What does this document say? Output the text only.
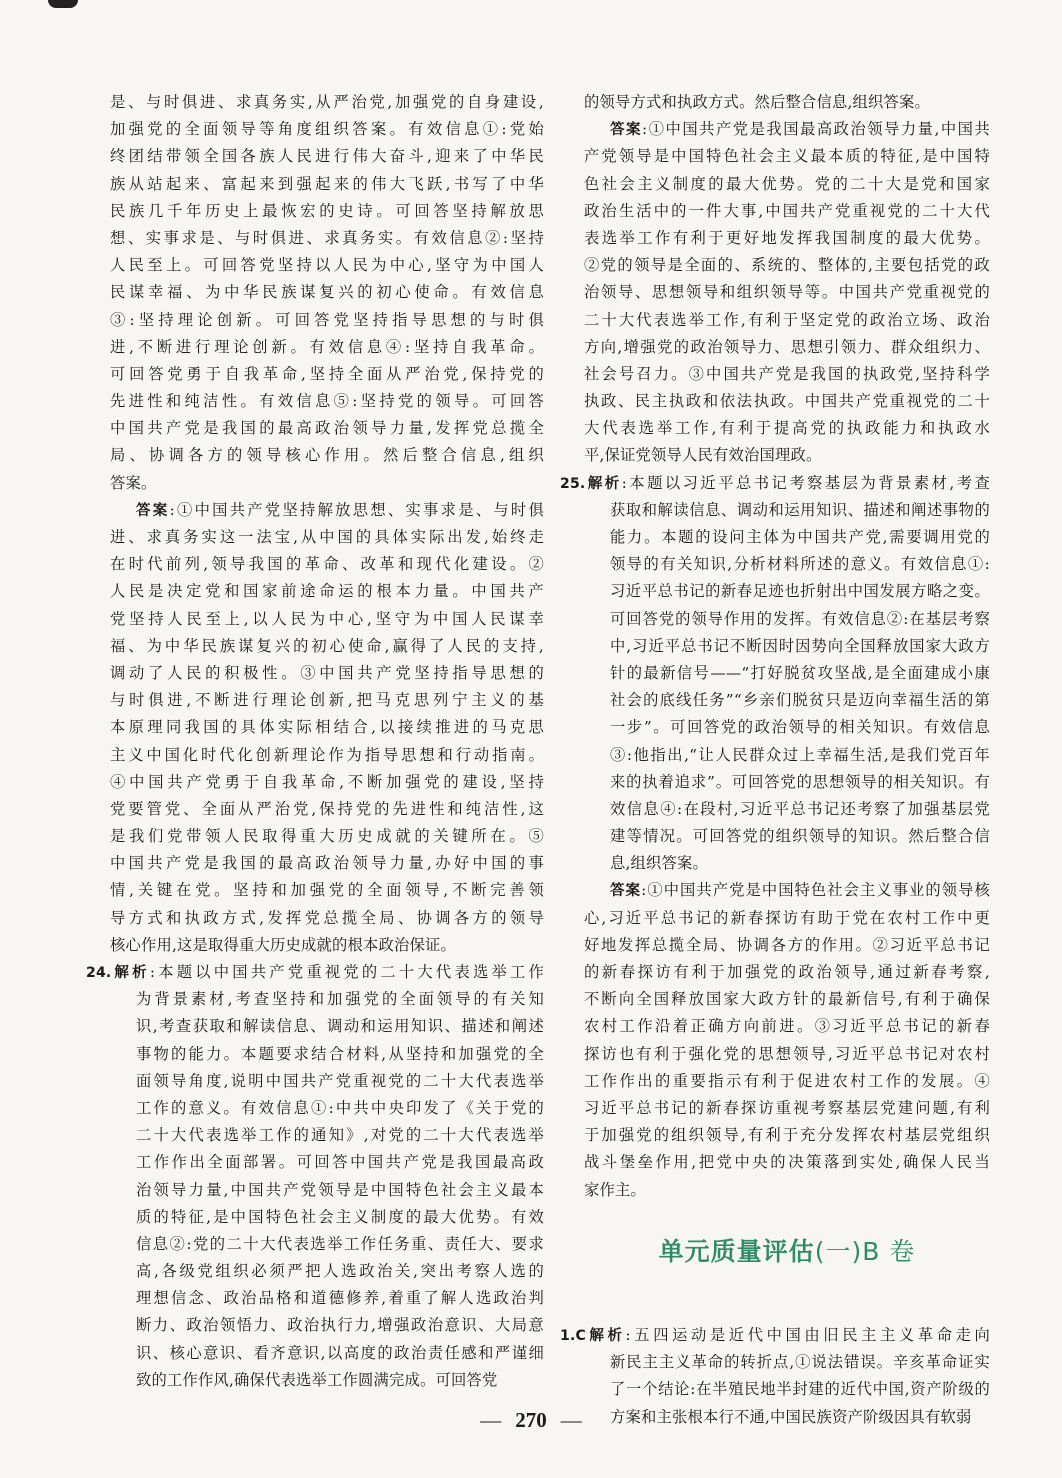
是、与时俱进、求真务实,从严治党,加强党的自身建设,
加强党的全面领导等角度组织答案。有效信息①:党始
终团结带领全国各族人民进行伟大奋斗,迎来了中华民
族从站起来、富起来到强起来的伟大飞跃,书写了中华
民族几千年历史上最恢宏的史诗。可回答坚持解放思
想、实事求是、与时俱进、求真务实。有效信息②:坚持
人民至上。可回答党坚持以人民为中心,坚守为中国人
民谋幸福、为中华民族谋复兴的初心使命。有效信息
③:坚持理论创新。可回答党坚持指导思想的与时俱
进,不断进行理论创新。有效信息④:坚持自我革命。
可回答党勇于自我革命,坚持全面从严治党,保持党的
先进性和纯洁性。有效信息⑤:坚持党的领导。可回答
中国共产党是我国的最高政治领导力量,发挥党总揽全
局、协调各方的领导核心作用。然后整合信息,组织
答案。
答案:①中国共产党坚持解放思想、实事求是、与时俱
进、求真务实这一法宝,从中国的具体实际出发,始终走
在时代前列,领导我国的革命、改革和现代化建设。②
人民是决定党和国家前途命运的根本力量。中国共产
党坚持人民至上,以人民为中心,坚守为中国人民谋幸
福、为中华民族谋复兴的初心使命,赢得了人民的支持,
调动了人民的积极性。③中国共产党坚持指导思想的
与时俱进,不断进行理论创新,把马克思列宁主义的基
本原理同我国的具体实际相结合,以接续推进的马克思
主义中国化时代化创新理论作为指导思想和行动指南。
④中国共产党勇于自我革命,不断加强党的建设,坚持
党要管党、全面从严治党,保持党的先进性和纯洁性,这
是我们党带领人民取得重大历史成就的关键所在。⑤
中国共产党是我国的最高政治领导力量,办好中国的事
情,关键在党。坚持和加强党的全面领导,不断完善领
导方式和执政方式,发挥党总揽全局、协调各方的领导
核心作用,这是取得重大历史成就的根本政治保证。
24.解析:本题以中国共产党重视党的二十大代表选举工作
为背景素材,考查坚持和加强党的全面领导的有关知
识,考查获取和解读信息、调动和运用知识、描述和阐述
事物的能力。本题要求结合材料,从坚持和加强党的全
面领导角度,说明中国共产党重视党的二十大代表选举
工作的意义。有效信息①:中共中央印发了《关于党的
二十大代表选举工作的通知》,对党的二十大代表选举
工作作出全面部署。可回答中国共产党是我国最高政
治领导力量,中国共产党领导是中国特色社会主义最本
质的特征,是中国特色社会主义制度的最大优势。有效
信息②:党的二十大代表选举工作任务重、责任大、要求
高,各级党组织必须严把人选政治关,突出考察人选的
理想信念、政治品格和道德修养,着重了解人选政治判
断力、政治领悟力、政治执行力,增强政治意识、大局意
识、核心意识、看齐意识,以高度的政治责任感和严谨细
致的工作作风,确保代表选举工作圆满完成。可回答党
的领导方式和执政方式。然后整合信息,组织答案。
答案:①中国共产党是我国最高政治领导力量,中国共
产党领导是中国特色社会主义最本质的特征,是中国特
色社会主义制度的最大优势。党的二十大是党和国家
政治生活中的一件大事,中国共产党重视党的二十大代
表选举工作有利于更好地发挥我国制度的最大优势。
②党的领导是全面的、系统的、整体的,主要包括党的政
治领导、思想领导和组织领导等。中国共产党重视党的
二十大代表选举工作,有利于坚定党的政治立场、政治
方向,增强党的政治领导力、思想引领力、群众组织力、
社会号召力。③中国共产党是我国的执政党,坚持科学
执政、民主执政和依法执政。中国共产党重视党的二十
大代表选举工作,有利于提高党的执政能力和执政水
平,保证党领导人民有效治国理政。
25.解析:本题以习近平总书记考察基层为背景素材,考查
获取和解读信息、调动和运用知识、描述和阐述事物的
能力。本题的设问主体为中国共产党,需要调用党的
领导的有关知识,分析材料所述的意义。有效信息①:
习近平总书记的新春足迹也折射出中国发展方略之变。
可回答党的领导作用的发挥。有效信息②:在基层考察
中,习近平总书记不断因时因势向全国释放国家大政方
针的最新信号——“打好脱贫攻坚战,是全面建成小康
社会的底线任务”“乡亲们脱贫只是迈向幸福生活的第
一步”。可回答党的政治领导的相关知识。有效信息
③:他指出,“让人民群众过上幸福生活,是我们党百年
来的执着追求”。可回答党的思想领导的相关知识。有
效信息④:在段村,习近平总书记还考察了加强基层党
建等情况。可回答党的组织领导的知识。然后整合信
息,组织答案。
答案:①中国共产党是中国特色社会主义事业的领导核
心,习近平总书记的新春探访有助于党在农村工作中更
好地发挥总揽全局、协调各方的作用。②习近平总书记
的新春探访有利于加强党的政治领导,通过新春考察,
不断向全国释放国家大政方针的最新信号,有利于确保
农村工作沿着正确方向前进。③习近平总书记的新春
探访也有利于强化党的思想领导,习近平总书记对农村
工作作出的重要指示有利于促进农村工作的发展。④
习近平总书记的新春探访重视考察基层党建问题,有利
于加强党的组织领导,有利于充分发挥农村基层党组织
战斗堡垒作用,把党中央的决策落到实处,确保人民当
家作主。
单元质量评估(一)B 卷
1.C解析:五四运动是近代中国由旧民主主义革命走向
新民主主义革命的转折点,①说法错误。辛亥革命证实
了一个结论:在半殖民地半封建的近代中国,资产阶级的
方案和主张根本行不通,中国民族资产阶级因具有软弱
— 270 —
